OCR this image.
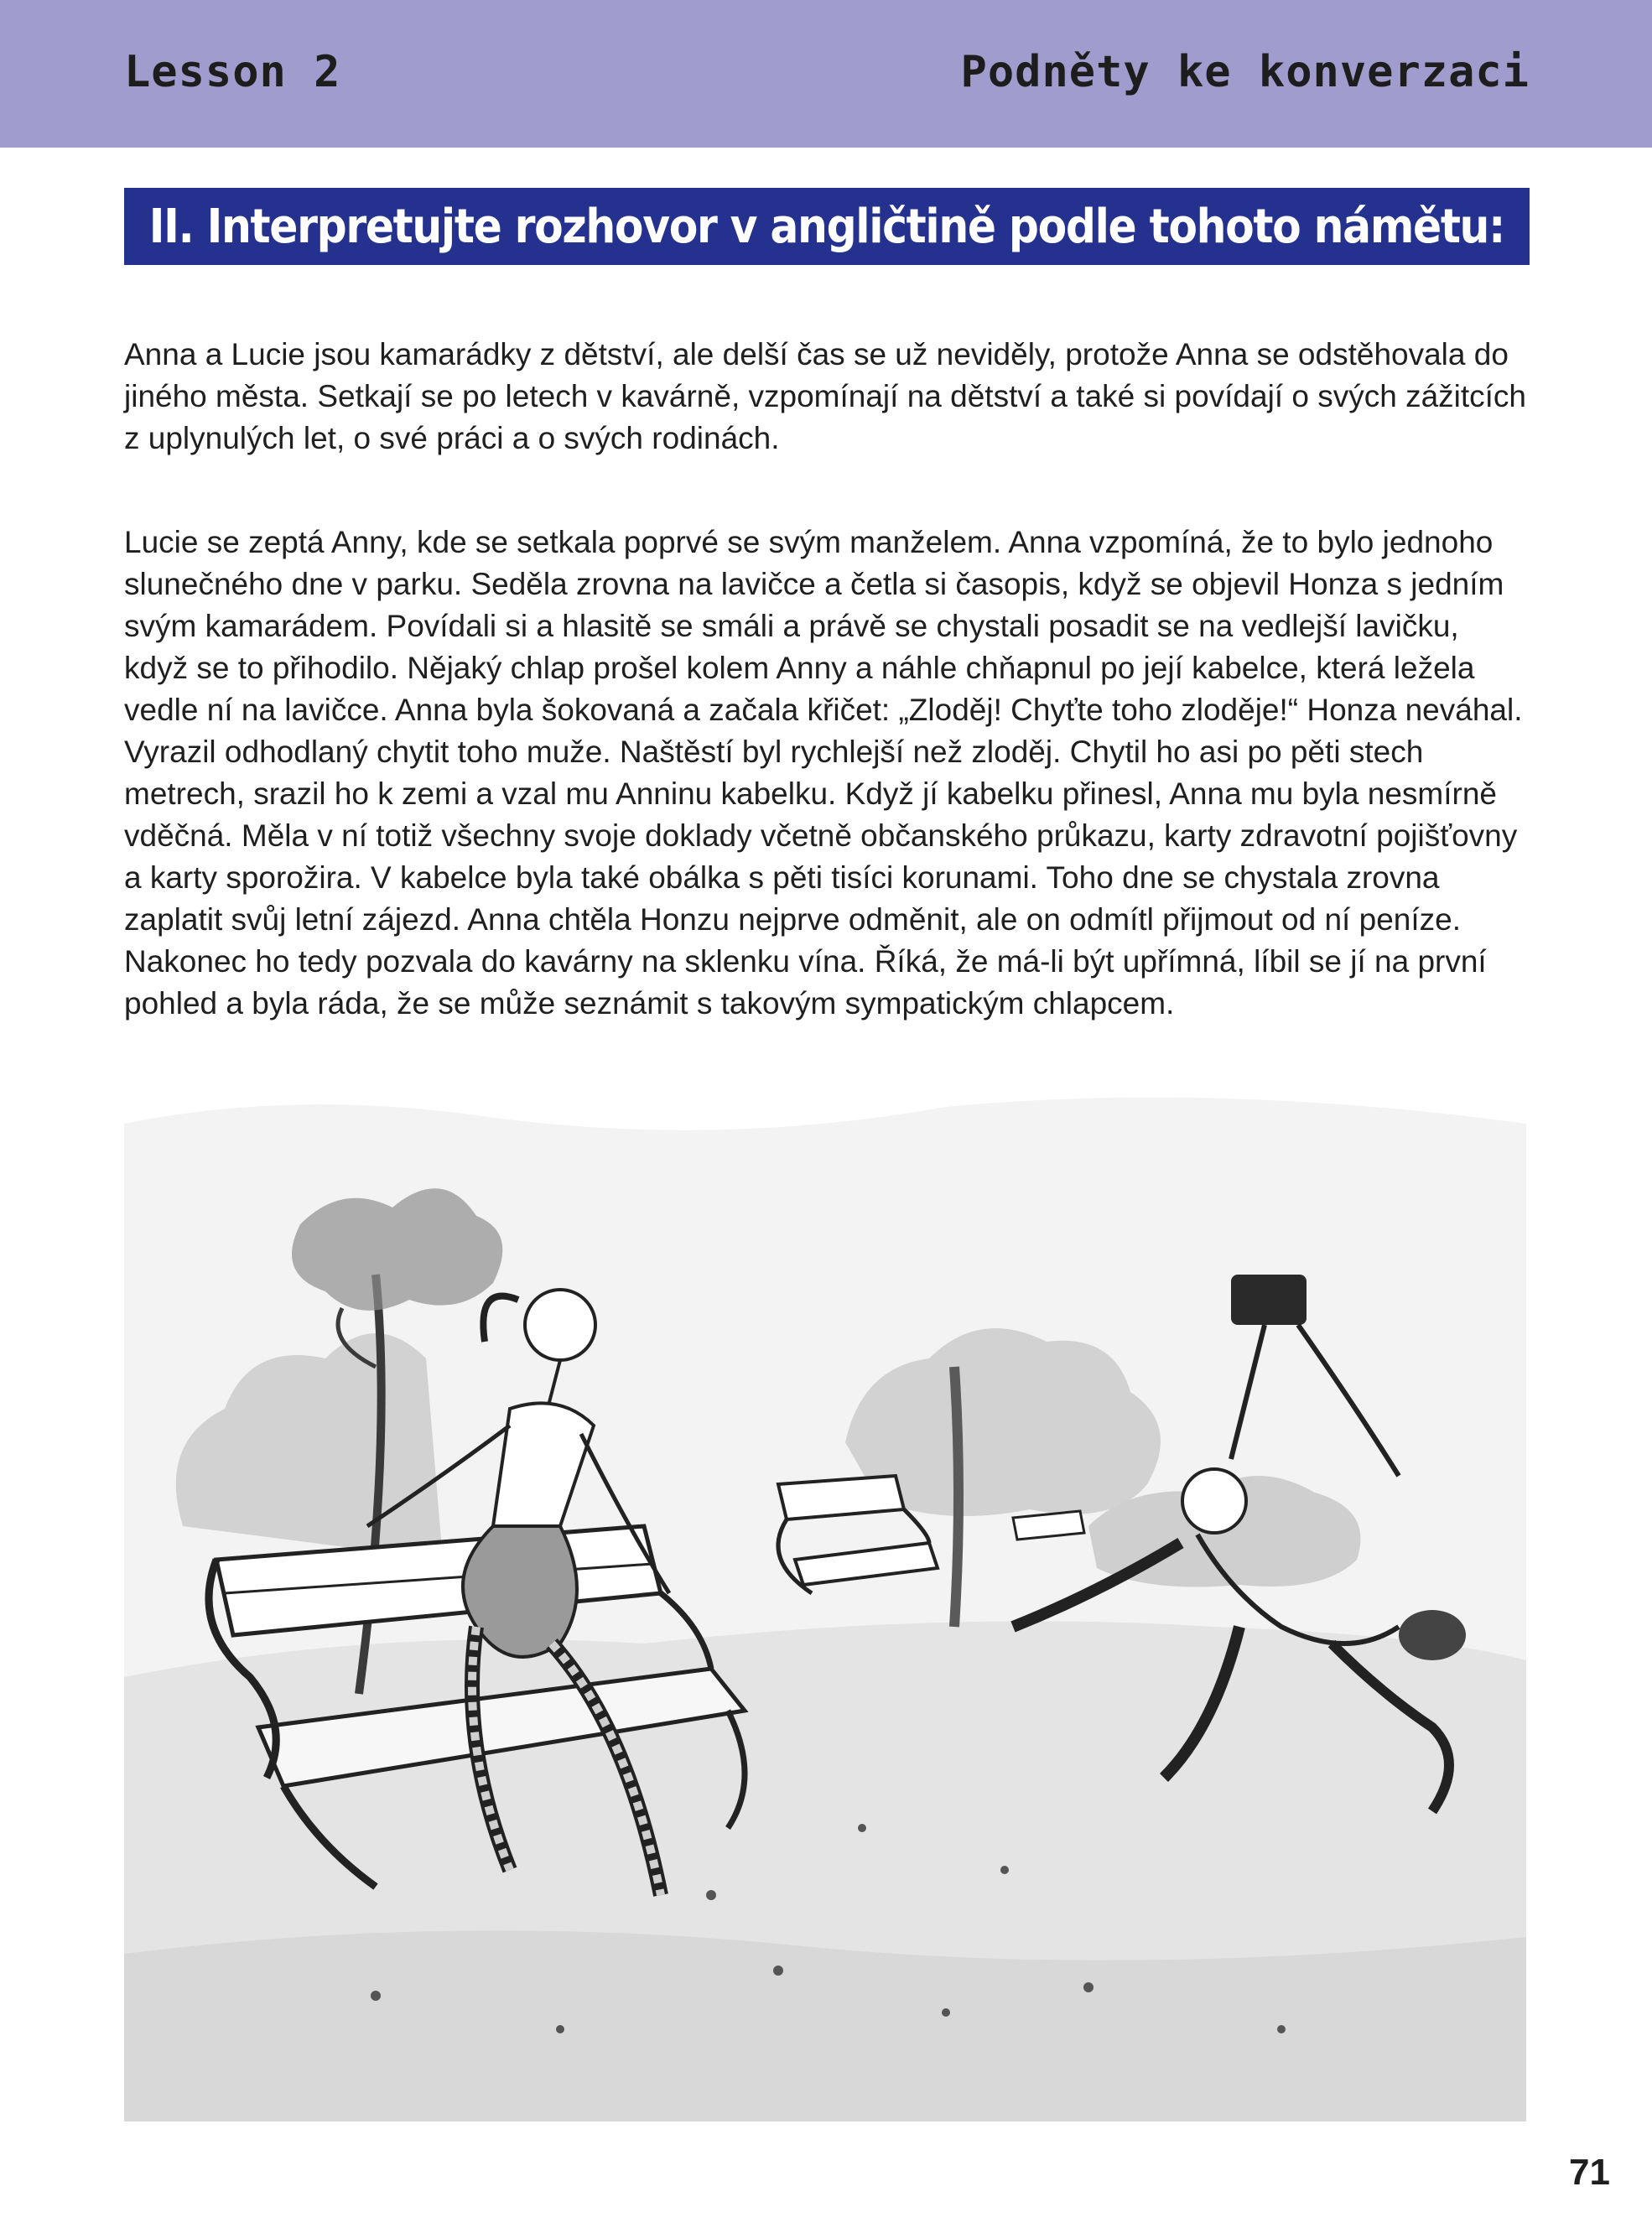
Lesson 2	Podněty ke konverzaci
II. Interpretujte rozhovor v angličtině podle tohoto námětu:

Anna a Lucie jsou kamarádky z dětství, ale delší čas se už neviděly, protože Anna se odstěhovala do jiného města. Setkají se po letech v kavárně, vzpomínají na dětství a také si povídají o svých zážitcích z uplynulých let, o své práci a o svých rodinách.

Lucie se zeptá Anny, kde se setkala poprvé se svým manželem. Anna vzpomíná, že to bylo jednoho slunečného dne v parku. Seděla zrovna na lavičce a četla si časopis, když se objevil Honza s jedním svým kamarádem. Povídali si a hlasitě se smáli a právě se chystali posadit se na vedlejší lavičku, když se to přihodilo. Nějaký chlap prošel kolem Anny a náhle chňapnul po její kabelce, která ležela vedle ní na lavičce. Anna byla šokovaná a začala křičet: „Zloděj! Chyťte toho zloděje!“ Honza neváhal. Vyrazil odhodlaný chytit toho muže. Naštěstí byl rychlejší než zloděj. Chytil ho asi po pěti stech metrech, srazil ho k zemi a vzal mu Anninu kabelku. Když jí kabelku přinesl, Anna mu byla nesmírně vděčná. Měla v ní totiž všechny svoje doklady včetně občanského průkazu, karty zdravotní pojišťovny a karty sporožira. V kabelce byla také obálka s pěti tisíci korunami. Toho dne se chystala zrovna zaplatit svůj letní zájezd. Anna chtěla Honzu nejprve odměnit, ale on odmítl přijmout od ní peníze. Nakonec ho tedy pozvala do kavárny na sklenku vína. Říká, že má-li být upřímná, líbil se jí na první pohled a byla ráda, že se může seznámit s takovým sympatickým chlapcem.

71
